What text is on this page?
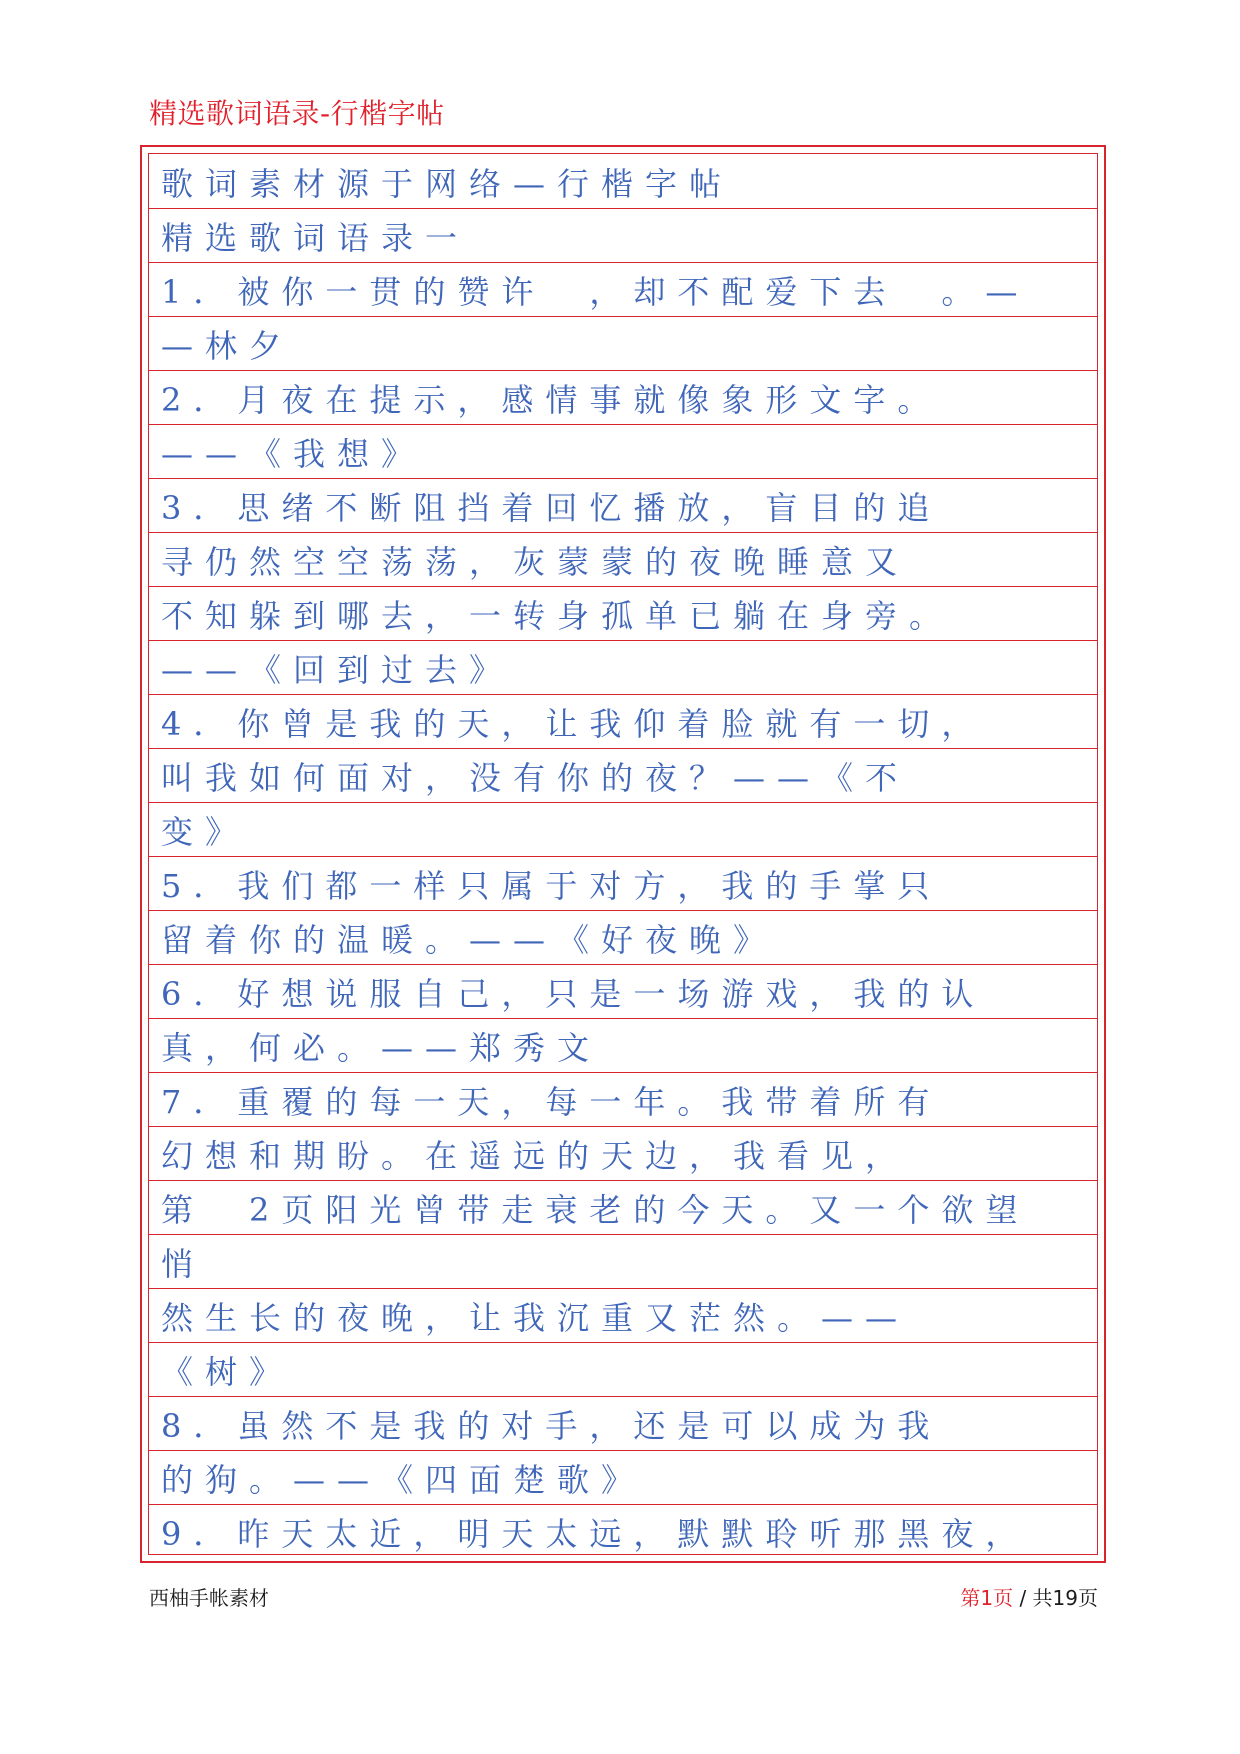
精选歌词语录-行楷字帖
歌词素材源于网络—行楷字帖
精选歌词语录一
1．被你一贯的赞许　，却不配爱下去　。—
—林夕
2．月夜在提示，感情事就像象形文字。
——《我想》
3．思绪不断阻挡着回忆播放，盲目的追
寻仍然空空荡荡，灰蒙蒙的夜晚睡意又
不知躲到哪去，一转身孤单已躺在身旁。
——《回到过去》
4．你曾是我的天，让我仰着脸就有一切，
叫我如何面对，没有你的夜？——《不
变》
5．我们都一样只属于对方，我的手掌只
留着你的温暖。——《好夜晚》
6．好想说服自己，只是一场游戏，我的认
真，何必。——郑秀文
7．重覆的每一天，每一年。我带着所有
幻想和期盼。在遥远的天边，我看见，
第　2页阳光曾带走衰老的今天。又一个欲望
悄
然生长的夜晚，让我沉重又茫然。——
《树》
8．虽然不是我的对手，还是可以成为我
的狗。——《四面楚歌》
9．昨天太近，明天太远，默默聆听那黑夜，
西柚手帐素材	第1页 / 共19页
